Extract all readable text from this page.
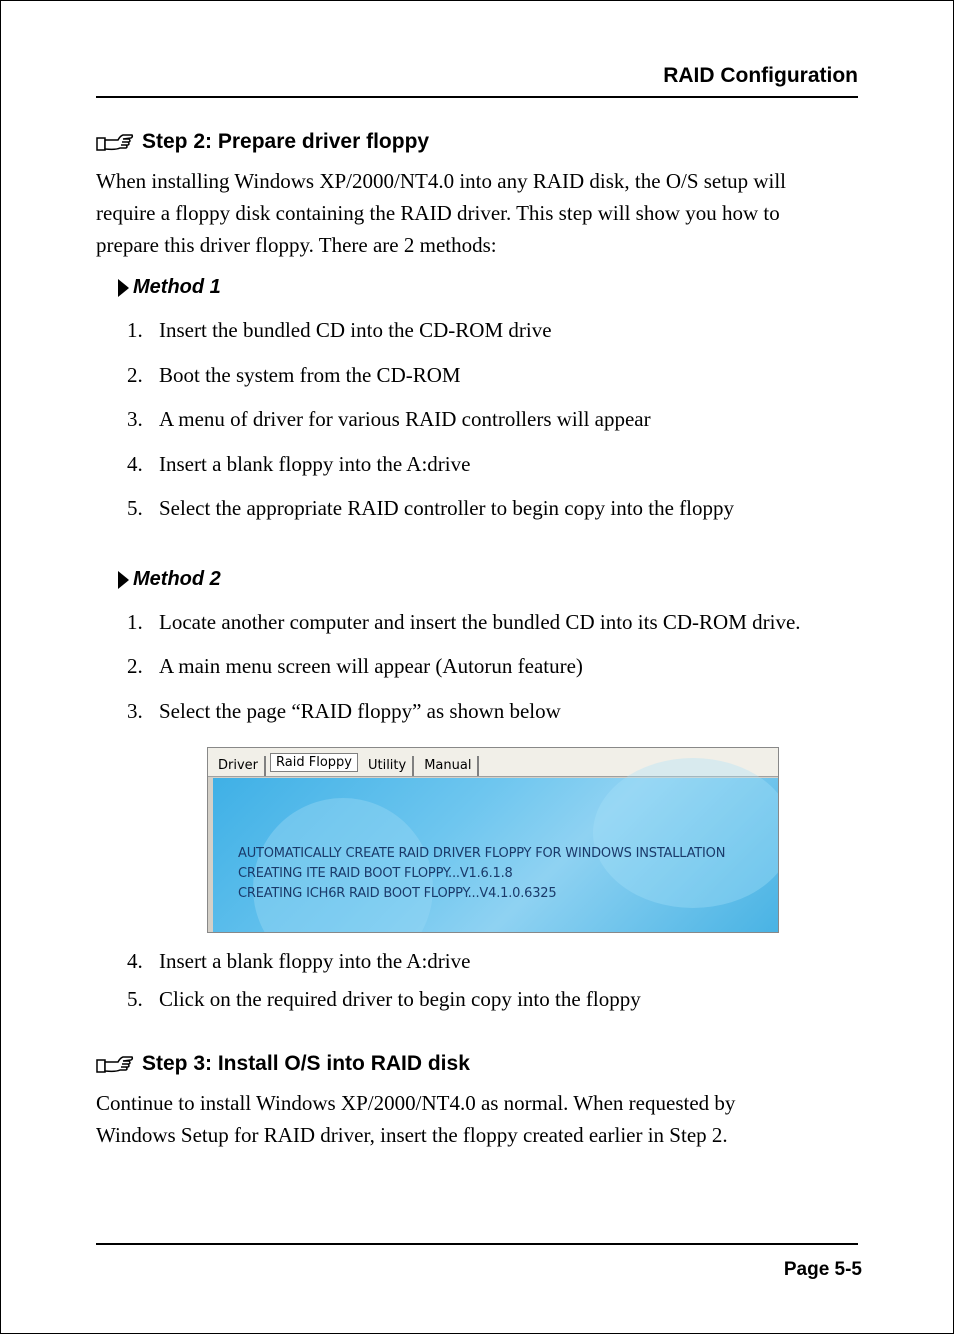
RAID Configuration
Step 2: Prepare driver floppy
When installing Windows XP/2000/NT4.0 into any RAID disk, the O/S setup will
require a floppy disk containing the RAID driver. This step will show you how to
prepare this driver floppy. There are 2 methods:
Method 1
1. Insert the bundled CD into the CD-ROM drive
2. Boot the system from the CD-ROM
3. A menu of driver for various RAID controllers will appear
4. Insert a blank floppy into the A:drive
5. Select the appropriate RAID controller to begin copy into the floppy
Method 2
1. Locate another computer and insert the bundled CD into its CD-ROM drive.
2. A main menu screen will appear (Autorun feature)
3. Select the page “RAID floppy” as shown below
Driver	Raid Floppy	Utility	Manual
AUTOMATICALLY CREATE RAID DRIVER FLOPPY FOR WINDOWS INSTALLATION
CREATING ITE RAID BOOT FLOPPY...V1.6.1.8
CREATING ICH6R RAID BOOT FLOPPY...V4.1.0.6325
4. Insert a blank floppy into the A:drive
5. Click on the required driver to begin copy into the floppy
Step 3: Install O/S into RAID disk
Continue to install Windows XP/2000/NT4.0 as normal. When requested by
Windows Setup for RAID driver, insert the floppy created earlier in Step 2.
Page 5-5
